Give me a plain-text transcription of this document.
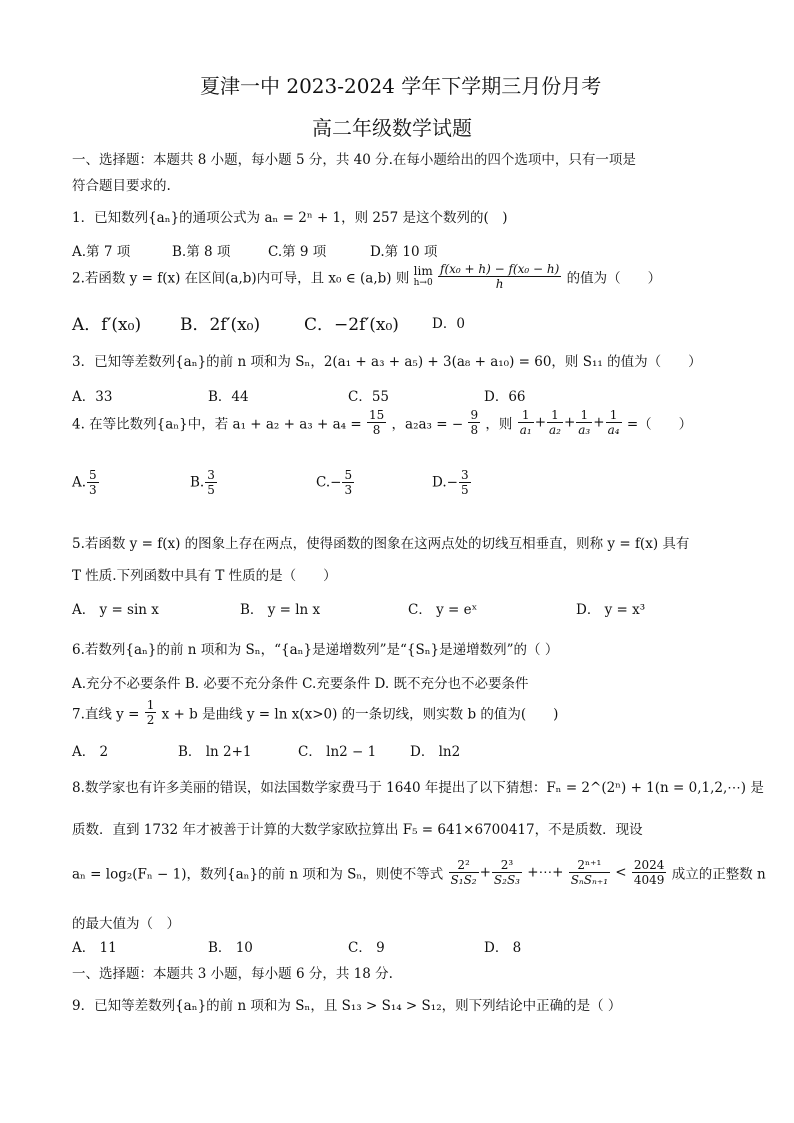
夏津一中 2023-2024 学年下学期三月份月考
高二年级数学试题
一、选择题：本题共 8 小题，每小题 5 分，共 40 分.在每小题给出的四个选项中，只有一项是
符合题目要求的.
1．已知数列{aₙ}的通项公式为 aₙ = 2ⁿ + 1，则 257 是这个数列的(　)
A.第 7 项	B.第 8 项	C.第 9 项	D.第 10 项
2.若函数 y = f(x) 在区间(a,b)内可导，且 x₀ ∈ (a,b) 则 lim
h→0
$\frac{\text{f(x₀ + h) − f(x₀ − h)}}{h}$ 的值为（　　）
A．f′(x₀) B．2f′(x₀)	C．−2f′(x₀) D．0
3．已知等差数列{aₙ}的前 n 项和为 Sₙ，2(a₁ + a₃ + a₅) + 3(a₈ + a₁₀) = 60，则 S₁₁ 的值为（　　）
A．33	B．44	C．55	D．66
4. 在等比数列{aₙ}中，若 $a_1 + a_2 + a_3 + a_4 = \frac{15}{8}$ ，a₂a₃ = − $\frac{9}{8}$ ，则 $\frac{1}{\text{a₁}} + \frac{1}{\text{a₂}} + \frac{1}{\text{a₃}} + \frac{1}{\text{a₄}}$ =（　　）
A. $\frac{5}{3}$	B. $\frac{3}{5}$	$C.- \frac{5}{3}$	$D.- \frac{3}{5}$
5.若函数 y = f(x) 的图象上存在两点，使得函数的图象在这两点处的切线互相垂直，则称 y = f(x) 具有
T 性质.下列函数中具有 T 性质的是（　　）
A． y = sin x	B． y = ln x	C． y = eˣ	D． y = x³
6.若数列{aₙ}的前 n 项和为 Sₙ，“{aₙ}是递增数列”是“{Sₙ}是递增数列”的（ ）
A.充分不必要条件 B. 必要不充分条件 C.充要条件 D. 既不充分也不必要条件
7.直线 $y = \frac{1}{2}$ x + b 是曲线 y = ln x(x>0) 的一条切线，则实数 b 的值为(　　)
A． 2	B． ln 2+1	C． ln2 − 1	D． ln2
8.数学家也有许多美丽的错误，如法国数学家费马于 1640 年提出了以下猜想：Fₙ = 2^(2ⁿ) + 1(n = 0,1,2,⋯) 是
质数．直到 1732 年才被善于计算的大数学家欧拉算出 F₅ = 641×6700417，不是质数．现设
aₙ = log₂(Fₙ − 1)，数列{aₙ}的前 n 项和为 Sₙ，则使不等式 $\frac{\text{2²}}{\text{S₁S₂}} + \frac{\text{2³}}{\text{S₂S₃}}$ +⋯+ $\frac{\text{2ⁿ⁺¹}}{\text{SₙSₙ₊₁}} < \frac{2024}{4049}$ 成立的正整数 n
的最大值为（　）
A． 11	B． 10	C． 9	D． 8
一、选择题：本题共 3 小题，每小题 6 分，共 18 分.
9．已知等差数列{aₙ}的前 n 项和为 Sₙ，且 S₁₃ > S₁₄ > S₁₂，则下列结论中正确的是（ ）
